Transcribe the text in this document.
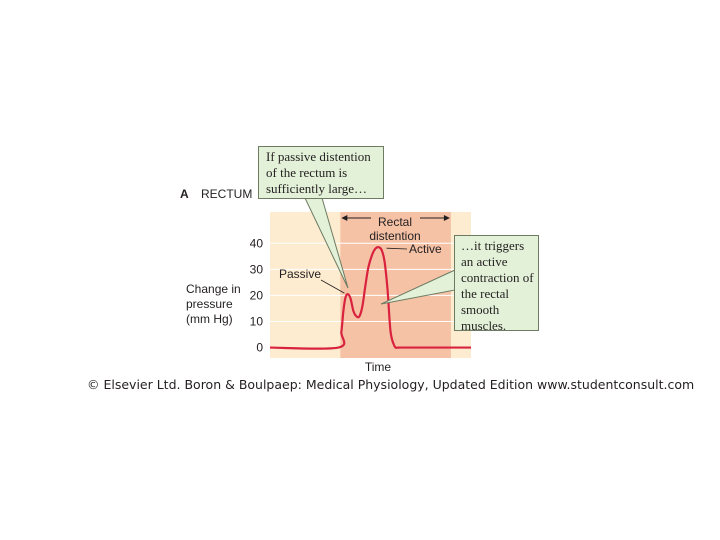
A RECTUM
Change in
pressure
(mm Hg)
Time
Rectal
distention
0
10
20
30
40
Passive
Active
If passive distention
of the rectum is
sufficiently large…
…it triggers
an active
contraction of
the rectal
smooth
muscles.
© Elsevier Ltd. Boron & Boulpaep: Medical Physiology, Updated Edition www.studentconsult.com
